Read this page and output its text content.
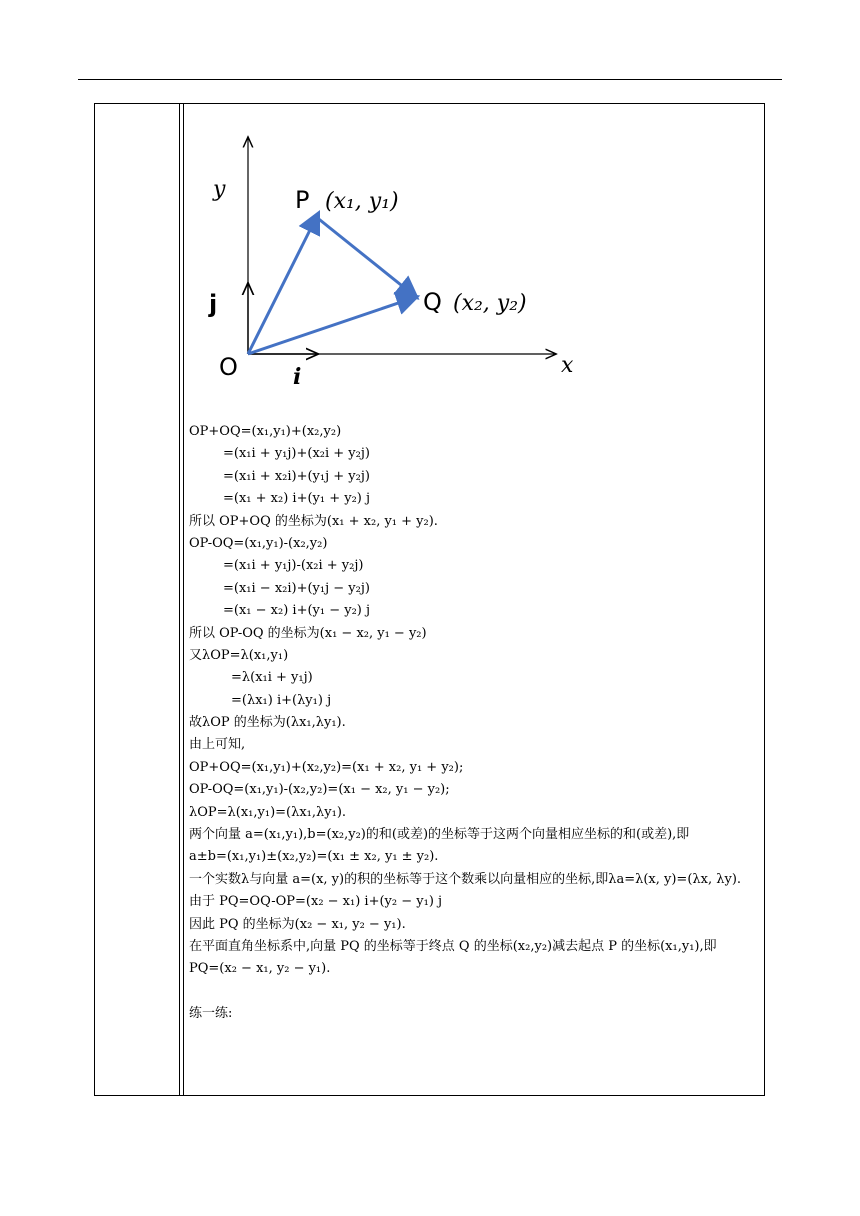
y
x
O	i
j
P (x₁, y₁)
Q (x₂, y₂)
OP+OQ=(x₁,y₁)+(x₂,y₂)
=(x₁i + y₁j)+(x₂i + y₂j)
=(x₁i + x₂i)+(y₁j + y₂j)
=(x₁ + x₂) i+(y₁ + y₂) j
所以 OP+OQ 的坐标为(x₁ + x₂, y₁ + y₂).
OP-OQ=(x₁,y₁)-(x₂,y₂)
=(x₁i + y₁j)-(x₂i + y₂j)
=(x₁i − x₂i)+(y₁j − y₂j)
=(x₁ − x₂) i+(y₁ − y₂) j
所以 OP-OQ 的坐标为(x₁ − x₂, y₁ − y₂)
又λOP=λ(x₁,y₁)
=λ(x₁i + y₁j)
=(λx₁) i+(λy₁) j
故λOP 的坐标为(λx₁,λy₁).
由上可知,
OP+OQ=(x₁,y₁)+(x₂,y₂)=(x₁ + x₂, y₁ + y₂);
OP-OQ=(x₁,y₁)-(x₂,y₂)=(x₁ − x₂, y₁ − y₂);
λOP=λ(x₁,y₁)=(λx₁,λy₁).
两个向量 a=(x₁,y₁),b=(x₂,y₂)的和(或差)的坐标等于这两个向量相应坐标的和(或差),即
a±b=(x₁,y₁)±(x₂,y₂)=(x₁ ± x₂, y₁ ± y₂).
一个实数λ与向量 a=(x, y)的积的坐标等于这个数乘以向量相应的坐标,即λa=λ(x, y)=(λx, λy).
由于 PQ=OQ-OP=(x₂ − x₁) i+(y₂ − y₁) j
因此 PQ 的坐标为(x₂ − x₁, y₂ − y₁).
在平面直角坐标系中,向量 PQ 的坐标等于终点 Q 的坐标(x₂,y₂)减去起点 P 的坐标(x₁,y₁),即
PQ=(x₂ − x₁, y₂ − y₁).
练一练:
